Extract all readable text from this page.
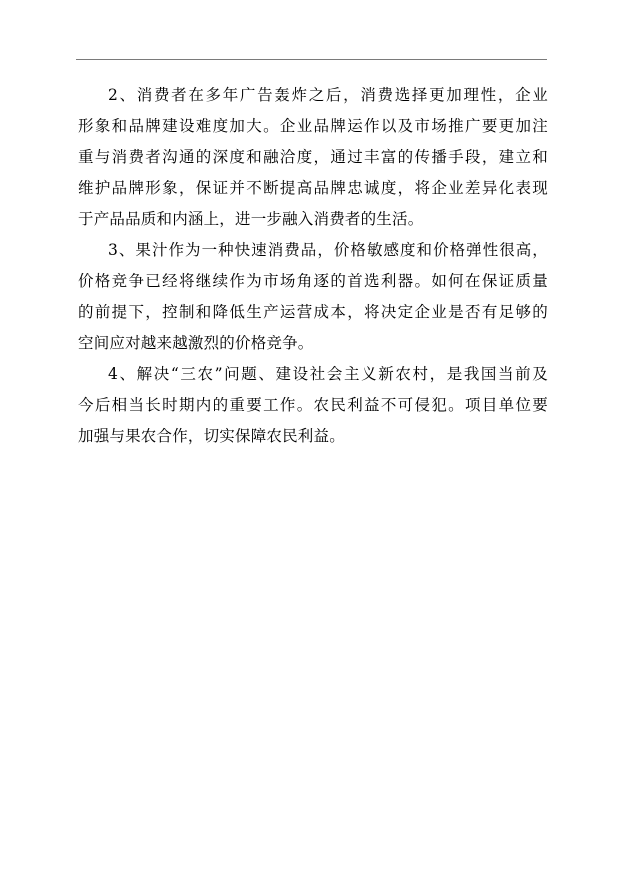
2、消费者在多年广告轰炸之后，消费选择更加理性，企业
形象和品牌建设难度加大。企业品牌运作以及市场推广要更加注
重与消费者沟通的深度和融洽度，通过丰富的传播手段，建立和
维护品牌形象，保证并不断提高品牌忠诚度，将企业差异化表现
于产品品质和内涵上，进一步融入消费者的生活。
3、果汁作为一种快速消费品，价格敏感度和价格弹性很高，
价格竞争已经将继续作为市场角逐的首选利器。如何在保证质量
的前提下，控制和降低生产运营成本，将决定企业是否有足够的
空间应对越来越激烈的价格竞争。
4、解决“三农”问题、建设社会主义新农村，是我国当前及
今后相当长时期内的重要工作。农民利益不可侵犯。项目单位要
加强与果农合作，切实保障农民利益。
